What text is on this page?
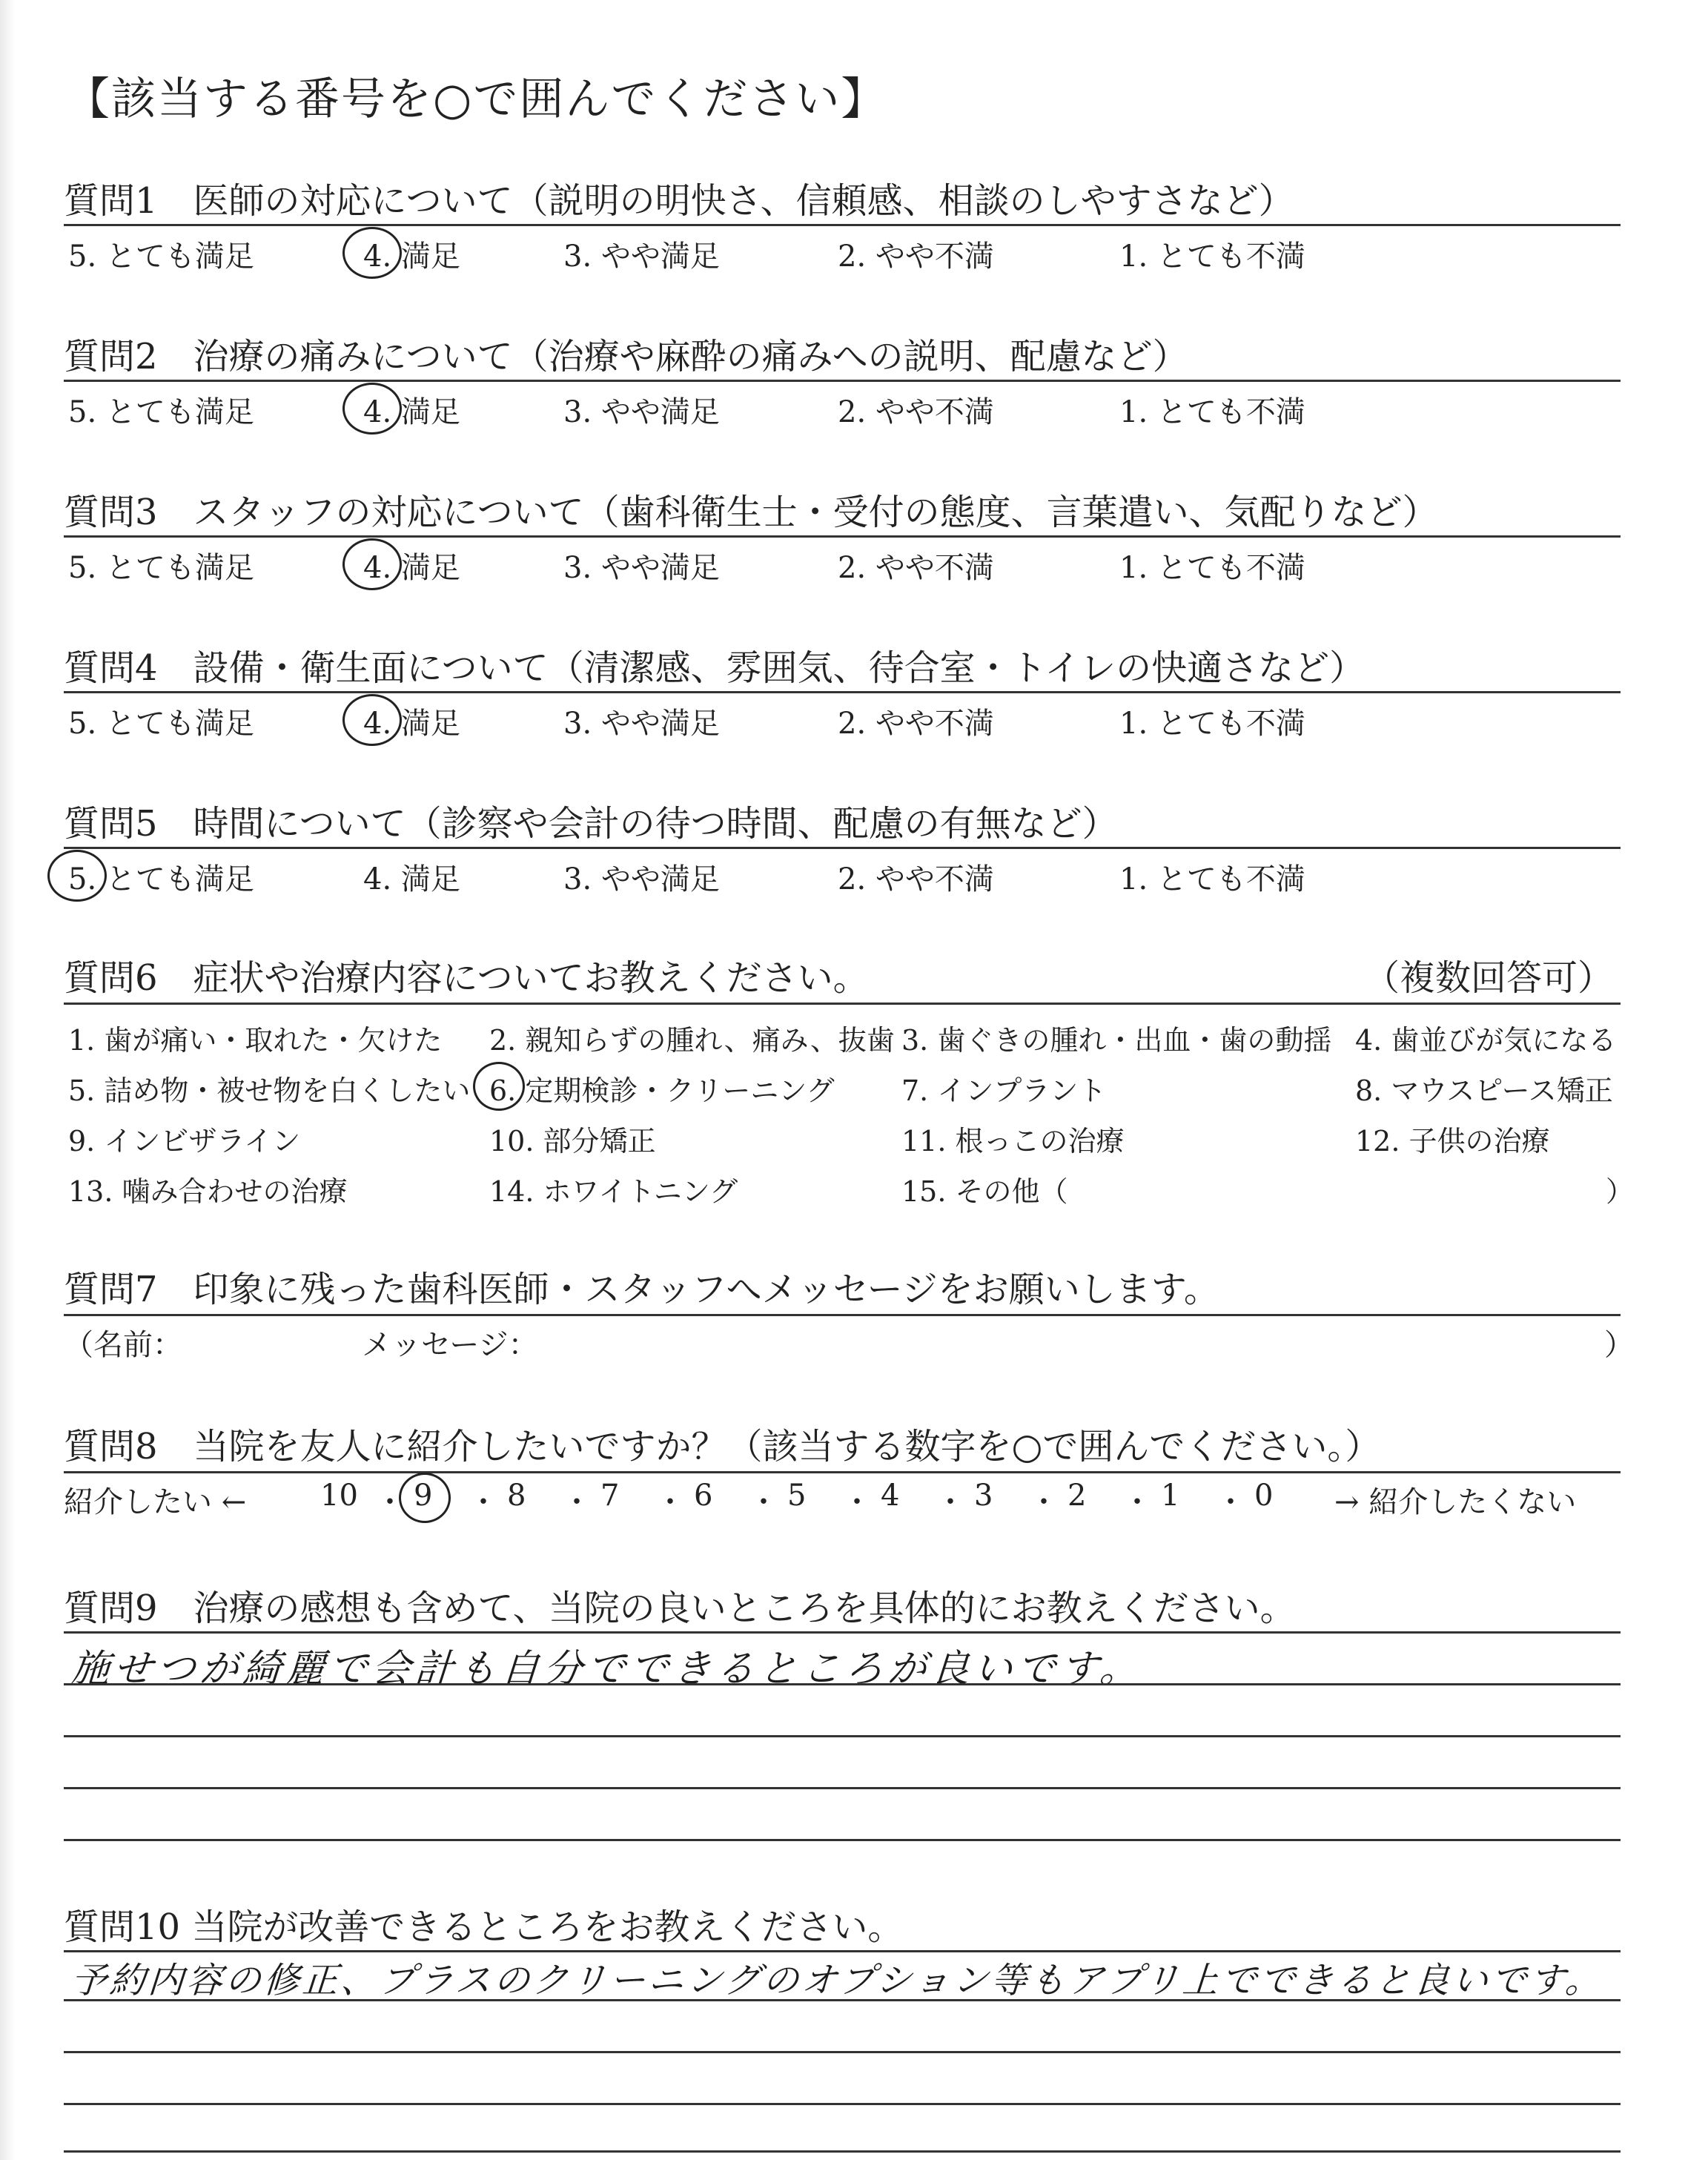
【該当する番号を○で囲んでください】
質問1　医師の対応について（説明の明快さ、信頼感、相談のしやすさなど）
5. とても満足	4. 満足	3. やや満足	2. やや不満	1. とても不満
質問2　治療の痛みについて（治療や麻酔の痛みへの説明、配慮など）
5. とても満足	4. 満足	3. やや満足	2. やや不満	1. とても不満
質問3　スタッフの対応について（歯科衛生士・受付の態度、言葉遣い、気配りなど）
5. とても満足	4. 満足	3. やや満足	2. やや不満	1. とても不満
質問4　設備・衛生面について（清潔感、雰囲気、待合室・トイレの快適さなど）
5. とても満足	4. 満足	3. やや満足	2. やや不満	1. とても不満
質問5　時間について（診察や会計の待つ時間、配慮の有無など）
5. とても満足	4. 満足	3. やや満足	2. やや不満	1. とても不満
質問6　症状や治療内容についてお教えください。	（複数回答可）
1. 歯が痛い・取れた・欠けた 2. 親知らずの腫れ、痛み、抜歯 3. 歯ぐきの腫れ・出血・歯の動揺 4. 歯並びが気になる
5. 詰め物・被せ物を白くしたい 6. 定期検診・クリーニング 7. インプラント	8. マウスピース矯正
9. インビザライン	10. 部分矯正	11. 根っこの治療	12. 子供の治療
13. 噛み合わせの治療	14. ホワイトニング	15. その他（	）
質問7　印象に残った歯科医師・スタッフへメッセージをお願いします。
（名前：	メッセージ：	）
質問8　当院を友人に紹介したいですか？（該当する数字を○で囲んでください。）
紹介したい ← 10 ・ 9 ・ 8 ・ 7 ・ 6 ・ 5 ・ 4 ・ 3 ・ 2 ・ 1 ・ 0 → 紹介したくない
質問9　治療の感想も含めて、当院の良いところを具体的にお教えください。
施せつが綺麗で会計も自分でできるところが良いです。
質問10 当院が改善できるところをお教えください。
予約内容の修正、プラスのクリーニングのオプション等もアプリ上でできると良いです。
